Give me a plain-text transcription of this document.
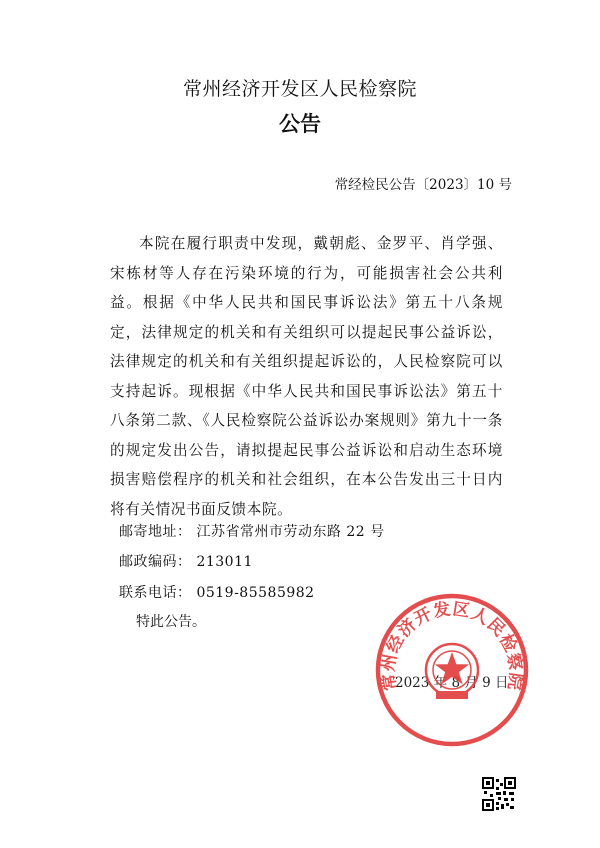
常州经济开发区人民检察院
公告
常经检民公告〔2023〕10 号

本院在履行职责中发现，戴朝彪、金罗平、肖学强、宋栋材等人存在污染环境的行为，可能损害社会公共利益。根据《中华人民共和国民事诉讼法》第五十八条规定，法律规定的机关和有关组织可以提起民事公益诉讼，法律规定的机关和有关组织提起诉讼的，人民检察院可以支持起诉。现根据《中华人民共和国民事诉讼法》第五十八条第二款、《人民检察院公益诉讼办案规则》第九十一条的规定发出公告，请拟提起民事公益诉讼和启动生态环境损害赔偿程序的机关和社会组织，在本公告发出三十日内将有关情况书面反馈本院。

邮寄地址： 江苏省常州市劳动东路 22 号

邮政编码： 213011

联系电话： 0519-85585982

特此公告。

2023 年 8 月 9 日
常州经济开发区人民检察院
